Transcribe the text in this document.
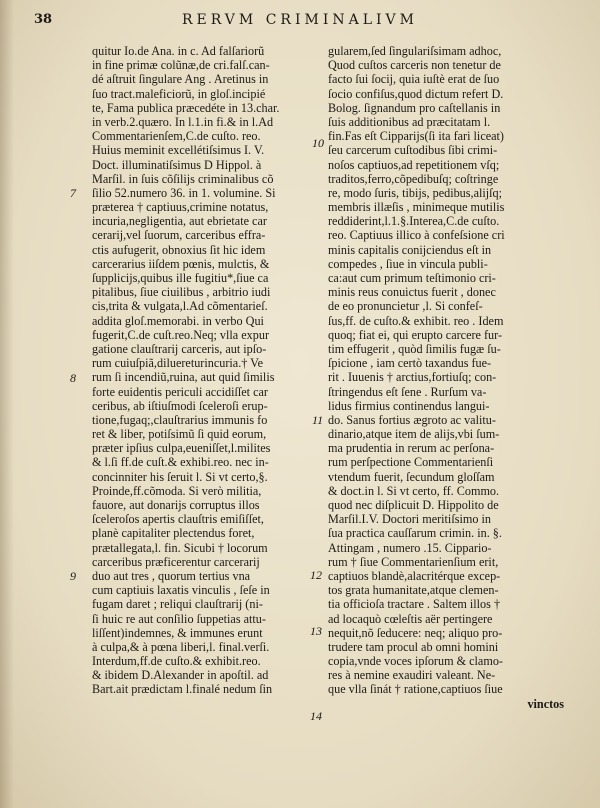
38	RERVM CRIMINALIVM
7
8
9
10
11
12
13
14
quitur Io.de Ana. in c. Ad falſariorũ
in fine primæ colũnæ,de cri.falſ.can-
dé aſtruit ſingulare Ang . Aretinus in
ſuo tract.maleficiorũ, in gloſ.incipié
te, Fama publica præcedéte in 13.char.
in verb.2.quæro. In l.1.in fi.& in l.Ad
Commentarienſem,C.de cuſto. reo.
Huius meminit excellétiſsimus I. V.
Doct. illuminatiſsimus D Hippol. à
Marſil. in ſuis cõſilijs criminalibus cõ
ſilio 52.numero 36. in 1. volumine. Si
præterea † captiuus,crimine notatus,
incuria,negligentia, aut ebrietate car
cerarij,vel ſuorum, carceribus effra-
ctis aufugerit, obnoxius ſit hic idem
carcerarius iiſdem pœnis, mulctis, &
ſupplicijs,quibus ille fugitiu*,ſiue ca
pitalibus, ſiue ciuilibus , arbitrio iudi
cis,trita & vulgata,l.Ad cõmentarieſ.
addita gloſ.memorabi. in verbo Qui
fugerit,C.de cuſt.reo.Neq; vlla expur
gatione clauſtrarij carceris, aut ipſo-
rum cuiuſpiã,diluereturincuria.† Ve
rum ſi incendiũ,ruina, aut quid ſimilis
forte euidentis periculi accidiſſet car
ceribus, ab iſtiuſmodi ſceleroſi erup-
tione,fugaq;,clauſtrarius immunis fo
ret & liber, potiſsimũ ſi quid eorum,
præter ipſius culpa,eueniſſet,l.milites
& l.ſi ff.de cuſt.& exhibi.reo. nec in-
concinniter his ſeruit l. Si vt certo,§.
Proinde,ff.cõmoda. Si verò militia,
fauore, aut donarijs corruptus illos
ſceleroſos apertis clauſtris emiſiſſet,
planè capitaliter plectendus foret,
prætallegata,l. fin. Sicubi † locorum
carceribus præficerentur carcerarij
duo aut tres , quorum tertius vna
cum captiuis laxatis vinculis , ſeſe in
fugam daret ; reliqui clauſtrarij (ni-
ſi huic re aut conſilio ſuppetias attu-
liſſent)indemnes, & immunes erunt
à culpa,& à pœna liberi,l. final.verſi.
Interdum,ff.de cuſto.& exhibit.reo.
& ibidem D.Alexander in apoſtil. ad
Bart.ait prædictam l.finalé nedum ſin
gularem,ſed ſingulariſsimam adhoc,
Quod cuſtos carceris non tenetur de
facto ſui ſocij, quia iuſtè erat de ſuo
ſocio confiſus,quod dictum refert D.
Bolog. ſignandum pro caſtellanis in
ſuis additionibus ad præcitatam l.
fin.Fas eſt Cipparijs(ſi ita fari liceat)
ſeu carcerum cuſtodibus ſibi crimi-
noſos captiuos,ad repetitionem vſq;
traditos,ferro,cõpedibuſq; coſtringe
re, modo ſuris, tibijs, pedibus,alijſq;
membris illæſis , minimeque mutilis
reddiderint,l.1.§.Interea,C.de cuſto.
reo. Captiuus illico à confeſsione cri
minis capitalis conijciendus eſt in
compedes , ſiue in vincula publi-
ca:aut cum primum teſtimonio cri-
minis reus conuictus fuerit , donec
de eo pronuncietur ,l. Si confeſ-
ſus,ff. de cuſto.& exhibit. reo . Idem
quoq; fiat ei, qui erupto carcere fur-
tim effugerit , quòd ſimilis fugæ ſu-
ſpicione , iam certò taxandus fue-
rit . Iuuenis † arctius,fortiuſq; con-
ſtringendus eſt ſene . Rurſum va-
lidus firmius continendus langui-
do. Sanus fortius ægroto ac valitu-
dinario,atque item de alijs,vbi ſum-
ma prudentia in rerum ac perſona-
rum perſpectione Commentarienſi
vtendum fuerit, ſecundum gloſſam
& doct.in l. Si vt certo, ff. Commo.
quod nec diſplicuit D. Hippolito de
Marſil.I.V. Doctori meritiſsimo in
ſua practica cauſſarum crimin. in. §.
Attingam , numero .15. Cippario-
rum † ſiue Commentarienſium erit,
captiuos blandè,alacritérque excep-
tos grata humanitate,atque clemen-
tia officioſa tractare . Saltem illos †
ad locaquò cœleſtis aër pertingere
nequit,nõ ſeducere: neq; aliquo pro-
trudere tam procul ab omni homini
copia,vnde voces ipſorum & clamo-
res à nemine exaudiri valeant. Ne-
que vlla ſinát † ratione,captiuos ſiue
vinctos
